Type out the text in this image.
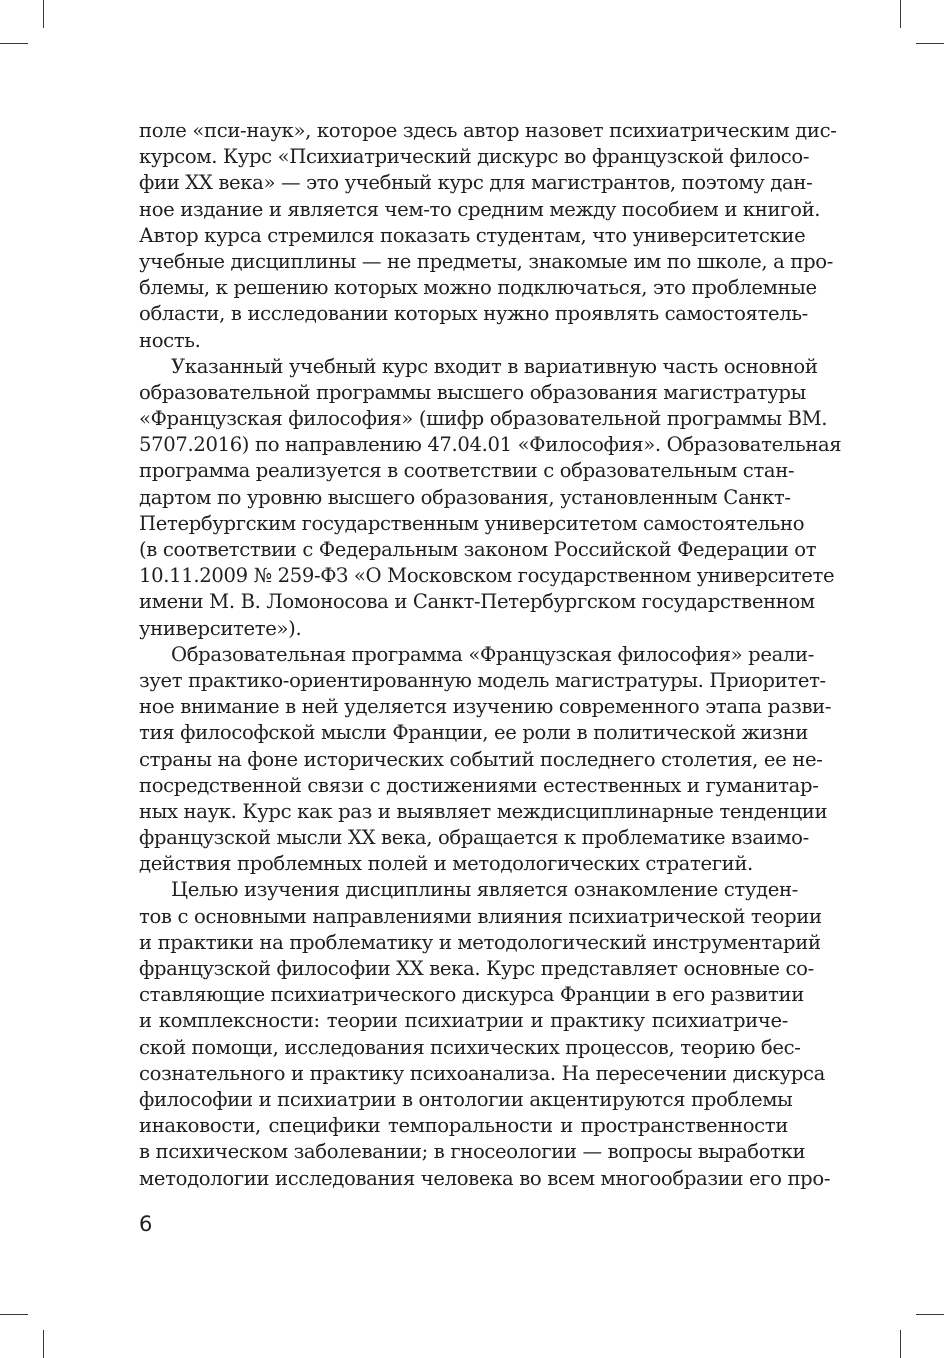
поле «пси-наук», которое здесь автор назовет психиатрическим дис-
курсом. Курс «Психиатрический дискурс во французской филосо-
фии XX века» — это учебный курс для магистрантов, поэтому дан-
ное издание и является чем-то средним между пособием и книгой.
Автор курса стремился показать студентам, что университетские
учебные дисциплины — не предметы, знакомые им по школе, а про-
блемы, к решению которых можно подключаться, это проблемные
области, в исследовании которых нужно проявлять самостоятель-
ность.
Указанный учебный курс входит в вариативную часть основной
образовательной программы высшего образования магистратуры
«Французская философия» (шифр образовательной программы ВМ.
5707.2016) по направлению 47.04.01 «Философия». Образовательная
программа реализуется в соответствии с образовательным стан-
дартом по уровню высшего образования, установленным Санкт-
Петербургским государственным университетом самостоятельно
(в соответствии с Федеральным законом Российской Федерации от
10.11.2009 № 259-ФЗ «О Московском государственном университете
имени М. В. Ломоносова и Санкт-Петербургском государственном
университете»).
Образовательная программа «Французская философия» реали-
зует практико-ориентированную модель магистратуры. Приоритет-
ное внимание в ней уделяется изучению современного этапа разви-
тия философской мысли Франции, ее роли в политической жизни
страны на фоне исторических событий последнего столетия, ее не-
посредственной связи с достижениями естественных и гуманитар-
ных наук. Курс как раз и выявляет междисциплинарные тенденции
французской мысли XX века, обращается к проблематике взаимо-
действия проблемных полей и методологических стратегий.
Целью изучения дисциплины является ознакомление студен-
тов с основными направлениями влияния психиатрической теории
и практики на проблематику и методологический инструментарий
французской философии XX века. Курс представляет основные со-
ставляющие психиатрического дискурса Франции в его развитии
и комплексности: теории психиатрии и практику психиатриче-
ской помощи, исследования психических процессов, теорию бес-
сознательного и практику психоанализа. На пересечении дискурса
философии и психиатрии в онтологии акцентируются проблемы
инаковости, специфики темпоральности и пространственности
в психическом заболевании; в гносеологии — вопросы выработки
методологии исследования человека во всем многообразии его про-
6
